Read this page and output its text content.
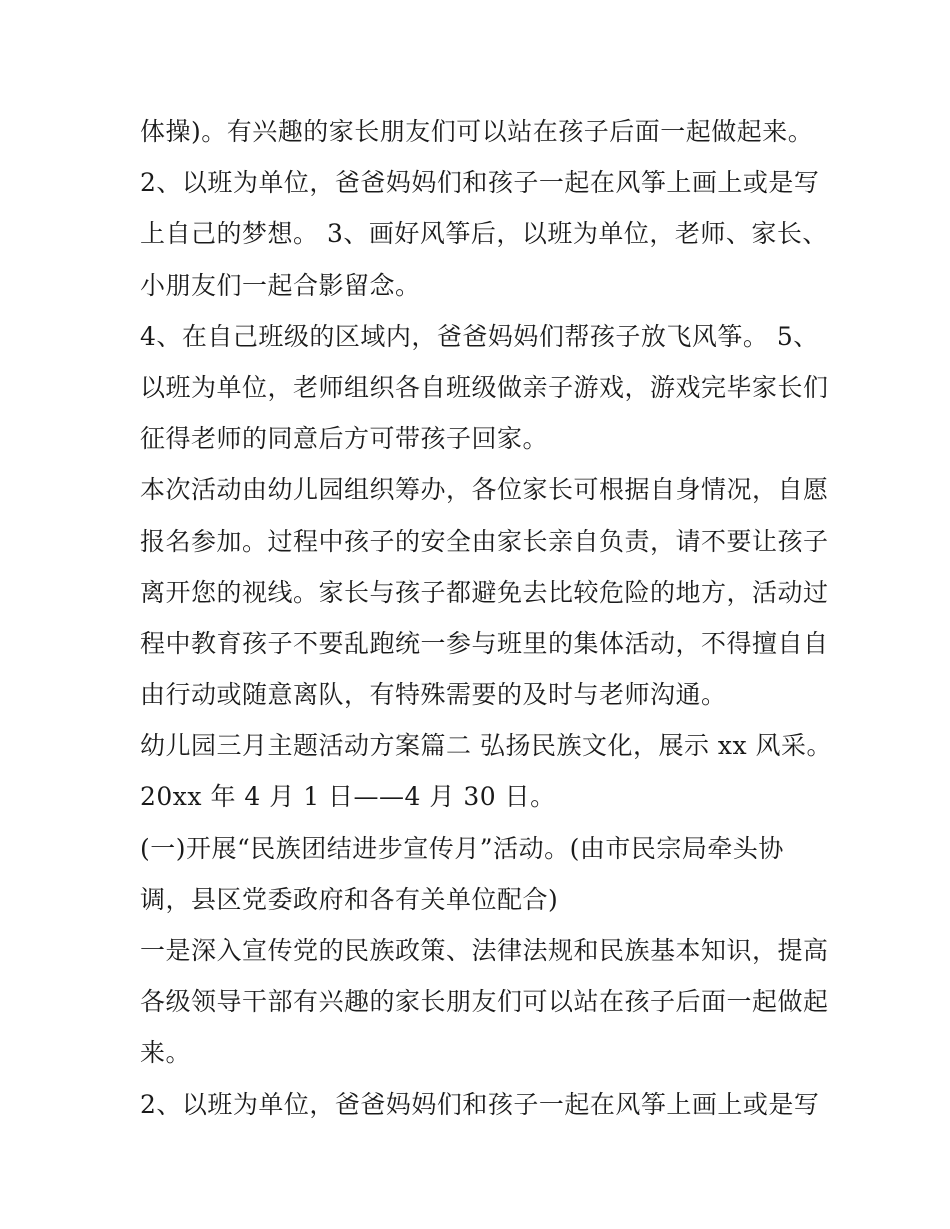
体操)。有兴趣的家长朋友们可以站在孩子后面一起做起来。
2、以班为单位，爸爸妈妈们和孩子一起在风筝上画上或是写
上自己的梦想。 3、画好风筝后，以班为单位，老师、家长、
小朋友们一起合影留念。
4、在自己班级的区域内，爸爸妈妈们帮孩子放飞风筝。 5、
以班为单位，老师组织各自班级做亲子游戏，游戏完毕家长们
征得老师的同意后方可带孩子回家。
本次活动由幼儿园组织筹办，各位家长可根据自身情况，自愿
报名参加。过程中孩子的安全由家长亲自负责，请不要让孩子
离开您的视线。家长与孩子都避免去比较危险的地方，活动过
程中教育孩子不要乱跑统一参与班里的集体活动，不得擅自自
由行动或随意离队，有特殊需要的及时与老师沟通。
幼儿园三月主题活动方案篇二 弘扬民族文化，展示 xx 风采。
20xx 年 4 月 1 日——4 月 30 日。
(一)开展“民族团结进步宣传月”活动。(由市民宗局牵头协
调，县区党委政府和各有关单位配合)
一是深入宣传党的民族政策、法律法规和民族基本知识，提高
各级领导干部有兴趣的家长朋友们可以站在孩子后面一起做起
来。
2、以班为单位，爸爸妈妈们和孩子一起在风筝上画上或是写
